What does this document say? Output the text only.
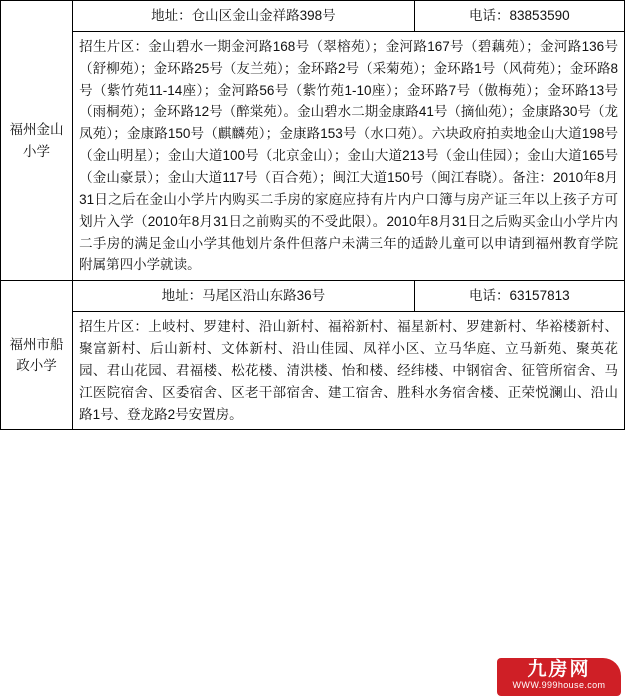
福州金山小学	地址：仓山区金山金祥路398号	电话：83853590

	招生片区：金山碧水一期金河路168号（翠榕苑）；金河路167号（碧藕苑）；金河路136号（舒柳苑）；金环路25号（友兰苑）；金环路2号（采菊苑）；金环路1号（风荷苑）；金环路8号（紫竹苑11-14座）；金河路56号（紫竹苑1-10座）；金环路7号（傲梅苑）；金环路13号（雨桐苑）；金环路12号（醉棠苑）。金山碧水二期金康路41号（摘仙苑）；金康路30号（龙凤苑）；金康路150号（麒麟苑）；金康路153号（水口苑）。六块政府拍卖地金山大道198号（金山明星）；金山大道100号（北京金山）；金山大道213号（金山佳园）；金山大道165号（金山豪景）；金山大道117号（百合苑）；闽江大道150号（闽江春晓）。备注：2010年8月31日之后在金山小学片内购买二手房的家庭应持有片内户口簿与房产证三年以上孩子方可划片入学（2010年8月31日之前购买的不受此限）。2010年8月31日之后购买金山小学片内二手房的满足金山小学其他划片条件但落户未满三年的适龄儿童可以申请到福州教育学院附属第四小学就读。	

福州市船政小学	地址：马尾区沿山东路36号	电话：63157813

	招生片区：上岐村、罗建村、沿山新村、福裕新村、福星新村、罗建新村、华裕楼新村、聚富新村、后山新村、文体新村、沿山佳园、凤祥小区、立马华庭、立马新苑、聚英花园、君山花园、君福楼、松花楼、清洪楼、怡和楼、经纬楼、中钢宿舍、征管所宿舍、马江医院宿舍、区委宿舍、区老干部宿舍、建工宿舍、胜科水务宿舍楼、正荣悦澜山、沿山路1号、登龙路2号安置房。	
九房网
WWW.999house.com
